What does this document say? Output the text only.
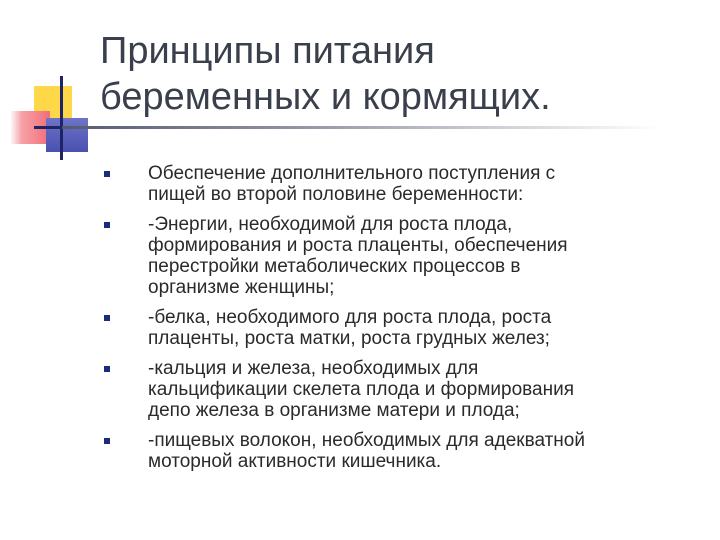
Принципы питания
беременных и кормящих.
Обеспечение дополнительного поступления с
пищей во второй половине беременности:
-Энергии, необходимой для роста плода,
формирования и роста плаценты, обеспечения
перестройки метаболических процессов в
организме женщины;
-белка, необходимого для роста плода, роста
плаценты, роста матки, роста грудных желез;
-кальция и железа, необходимых для
кальцификации скелета плода и формирования
депо железа в организме матери и плода;
-пищевых волокон, необходимых для адекватной
моторной активности кишечника.
